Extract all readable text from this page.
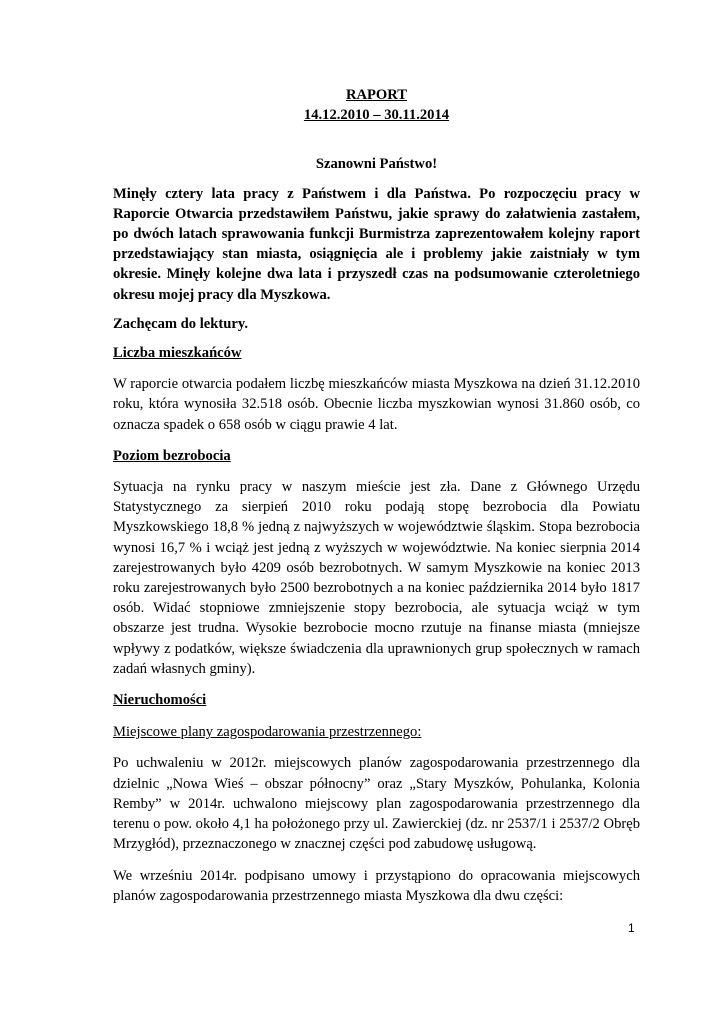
RAPORT
14.12.2010 – 30.11.2014
Szanowni Państwo!

Minęły cztery lata pracy z Państwem i dla Państwa. Po rozpoczęciu pracy w Raporcie Otwarcia przedstawiłem Państwu, jakie sprawy do załatwienia zastałem, po dwóch latach sprawowania funkcji Burmistrza zaprezentowałem kolejny raport przedstawiający stan miasta, osiągnięcia ale i problemy jakie zaistniały w tym okresie. Minęły kolejne dwa lata i przyszedł czas na podsumowanie czteroletniego okresu mojej pracy dla Myszkowa.

Zachęcam do lektury.

Liczba mieszkańców

W raporcie otwarcia podałem liczbę mieszkańców miasta Myszkowa na dzień 31.12.2010 roku, która wynosiła 32.518 osób. Obecnie liczba myszkowian wynosi 31.860 osób, co oznacza spadek o 658 osób w ciągu prawie 4 lat.

Poziom bezrobocia

Sytuacja na rynku pracy w naszym mieście jest zła. Dane z Głównego Urzędu Statystycznego za sierpień 2010 roku podają stopę bezrobocia dla Powiatu Myszkowskiego 18,8 % jedną z najwyższych w województwie śląskim. Stopa bezrobocia wynosi 16,7 % i wciąż jest jedną z wyższych w województwie. Na koniec sierpnia 2014 zarejestrowanych było 4209 osób bezrobotnych. W samym Myszkowie na koniec 2013 roku zarejestrowanych było 2500 bezrobotnych a na koniec października 2014 było 1817 osób. Widać stopniowe zmniejszenie stopy bezrobocia, ale sytuacja wciąż w tym obszarze jest trudna. Wysokie bezrobocie mocno rzutuje na finanse miasta (mniejsze wpływy z podatków, większe świadczenia dla uprawnionych grup społecznych w ramach zadań własnych gminy).

Nieruchomości

Miejscowe plany zagospodarowania przestrzennego:

Po uchwaleniu w 2012r. miejscowych planów zagospodarowania przestrzennego dla dzielnic „Nowa Wieś – obszar północny” oraz „Stary Myszków, Pohulanka, Kolonia Remby” w 2014r. uchwalono miejscowy plan zagospodarowania przestrzennego dla terenu o pow. około 4,1 ha położonego przy ul. Zawierckiej (dz. nr 2537/1 i 2537/2 Obręb Mrzygłód), przeznaczonego w znacznej części pod zabudowę usługową.

We wrześniu 2014r. podpisano umowy i przystąpiono do opracowania miejscowych planów zagospodarowania przestrzennego miasta Myszkowa dla dwu części:

1
